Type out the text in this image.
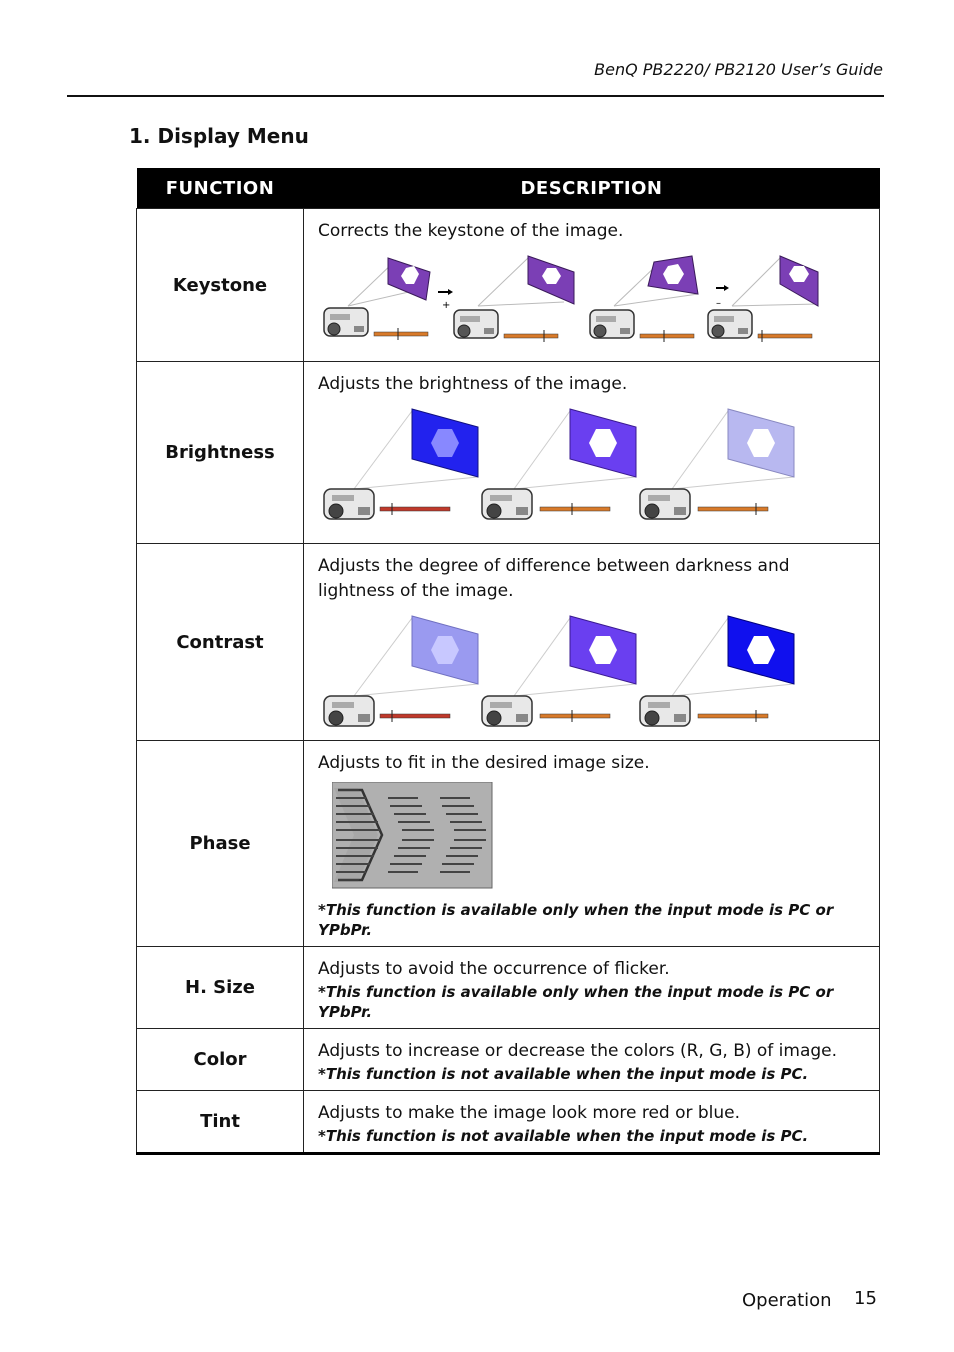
BenQ PB2220/ PB2120 User’s Guide
1. Display Menu
FUNCTION	DESCRIPTION
Keystone	Corrects the keystone of the image.
+ –

Brightness	Adjusts the brightness of the image.

Contrast	Adjusts the degree of difference between darkness and lightness of the image.

Phase	Adjusts to fit in the desired image size.
*This function is available only when the input mode is PC or YPbPr.

H. Size	Adjusts to avoid the occurrence of flicker.
*This function is available only when the input mode is PC or YPbPr.

Color	Adjusts to increase or decrease the colors (R, G, B) of image.
*This function is not available when the input mode is PC.

Tint	Adjusts to make the image look more red or blue.
*This function is not available when the input mode is PC.
Operation 15
